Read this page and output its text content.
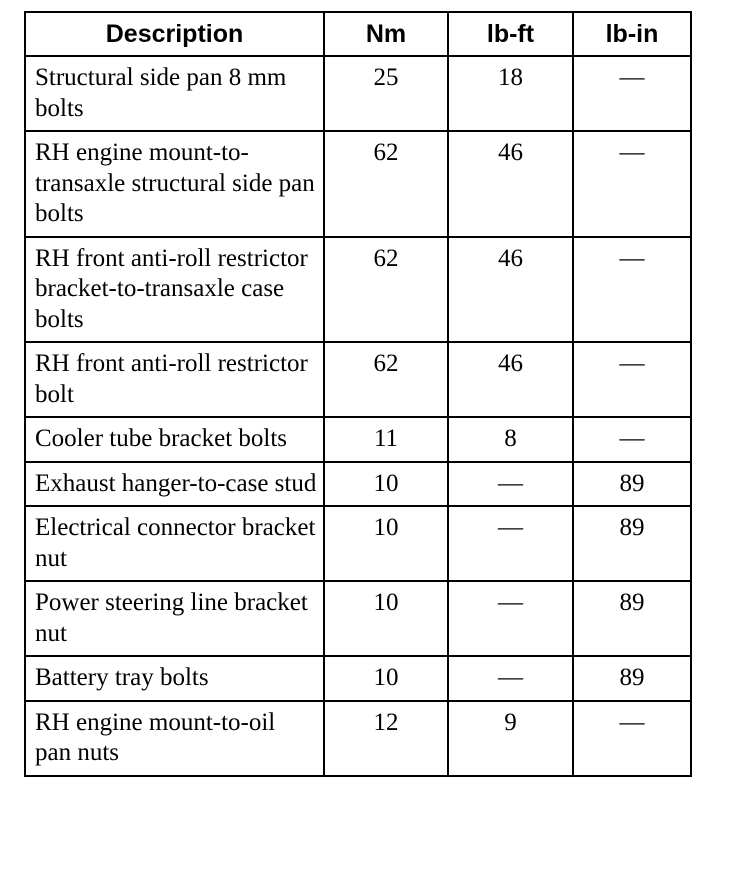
Description	Nm	lb-ft	lb-in
Structural side pan 8 mm bolts	25	18	—
RH engine mount-to-transaxle structural side pan bolts	62	46	—
RH front anti-roll restrictor bracket-to-transaxle case bolts	62	46	—
RH front anti-roll restrictor bolt	62	46	—
Cooler tube bracket bolts	11	8	—
Exhaust hanger-to-case stud	10	—	89
Electrical connector bracket nut	10	—	89
Power steering line bracket nut	10	—	89
Battery tray bolts	10	—	89
RH engine mount-to-oil pan nuts	12	9	—
